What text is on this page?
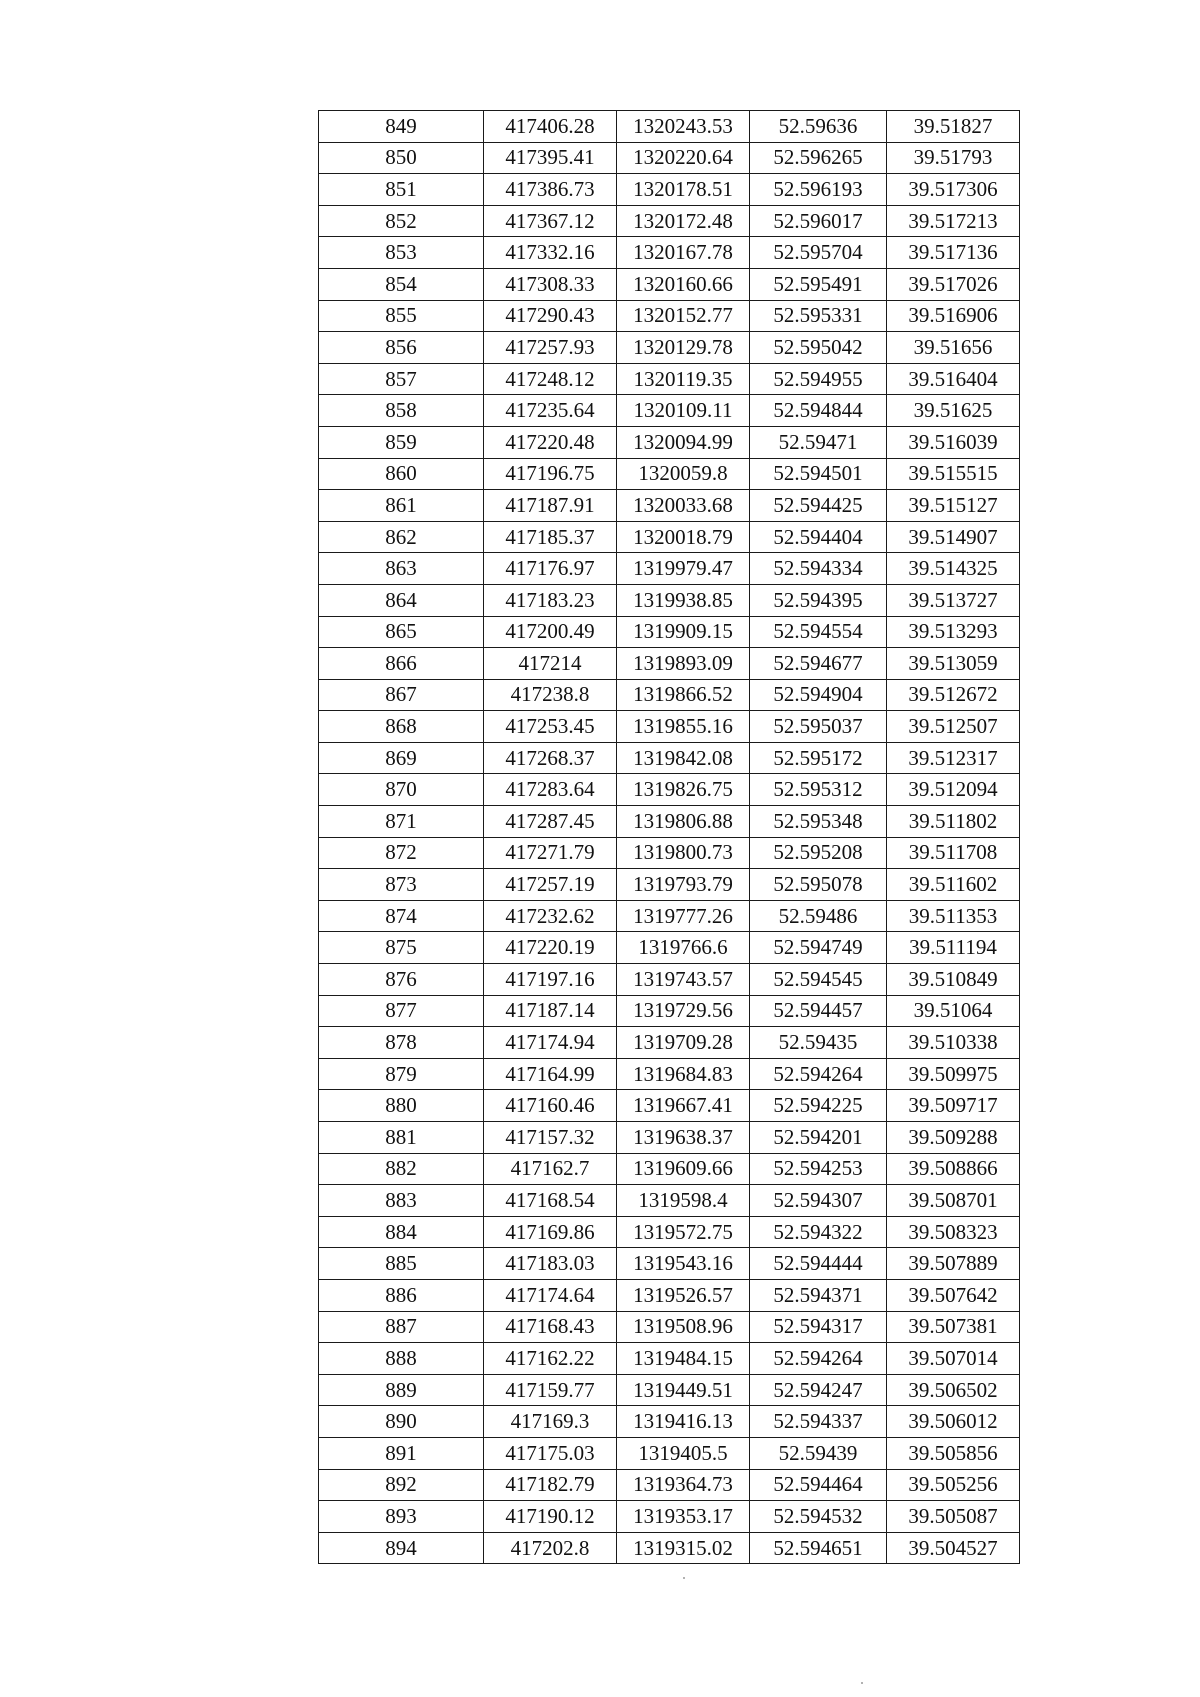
849	417406.28	1320243.53	52.59636	39.51827
850	417395.41	1320220.64	52.596265	39.51793
851	417386.73	1320178.51	52.596193	39.517306
852	417367.12	1320172.48	52.596017	39.517213
853	417332.16	1320167.78	52.595704	39.517136
854	417308.33	1320160.66	52.595491	39.517026
855	417290.43	1320152.77	52.595331	39.516906
856	417257.93	1320129.78	52.595042	39.51656
857	417248.12	1320119.35	52.594955	39.516404
858	417235.64	1320109.11	52.594844	39.51625
859	417220.48	1320094.99	52.59471	39.516039
860	417196.75	1320059.8	52.594501	39.515515
861	417187.91	1320033.68	52.594425	39.515127
862	417185.37	1320018.79	52.594404	39.514907
863	417176.97	1319979.47	52.594334	39.514325
864	417183.23	1319938.85	52.594395	39.513727
865	417200.49	1319909.15	52.594554	39.513293
866	417214	1319893.09	52.594677	39.513059
867	417238.8	1319866.52	52.594904	39.512672
868	417253.45	1319855.16	52.595037	39.512507
869	417268.37	1319842.08	52.595172	39.512317
870	417283.64	1319826.75	52.595312	39.512094
871	417287.45	1319806.88	52.595348	39.511802
872	417271.79	1319800.73	52.595208	39.511708
873	417257.19	1319793.79	52.595078	39.511602
874	417232.62	1319777.26	52.59486	39.511353
875	417220.19	1319766.6	52.594749	39.511194
876	417197.16	1319743.57	52.594545	39.510849
877	417187.14	1319729.56	52.594457	39.51064
878	417174.94	1319709.28	52.59435	39.510338
879	417164.99	1319684.83	52.594264	39.509975
880	417160.46	1319667.41	52.594225	39.509717
881	417157.32	1319638.37	52.594201	39.509288
882	417162.7	1319609.66	52.594253	39.508866
883	417168.54	1319598.4	52.594307	39.508701
884	417169.86	1319572.75	52.594322	39.508323
885	417183.03	1319543.16	52.594444	39.507889
886	417174.64	1319526.57	52.594371	39.507642
887	417168.43	1319508.96	52.594317	39.507381
888	417162.22	1319484.15	52.594264	39.507014
889	417159.77	1319449.51	52.594247	39.506502
890	417169.3	1319416.13	52.594337	39.506012
891	417175.03	1319405.5	52.59439	39.505856
892	417182.79	1319364.73	52.594464	39.505256
893	417190.12	1319353.17	52.594532	39.505087
894	417202.8	1319315.02	52.594651	39.504527
